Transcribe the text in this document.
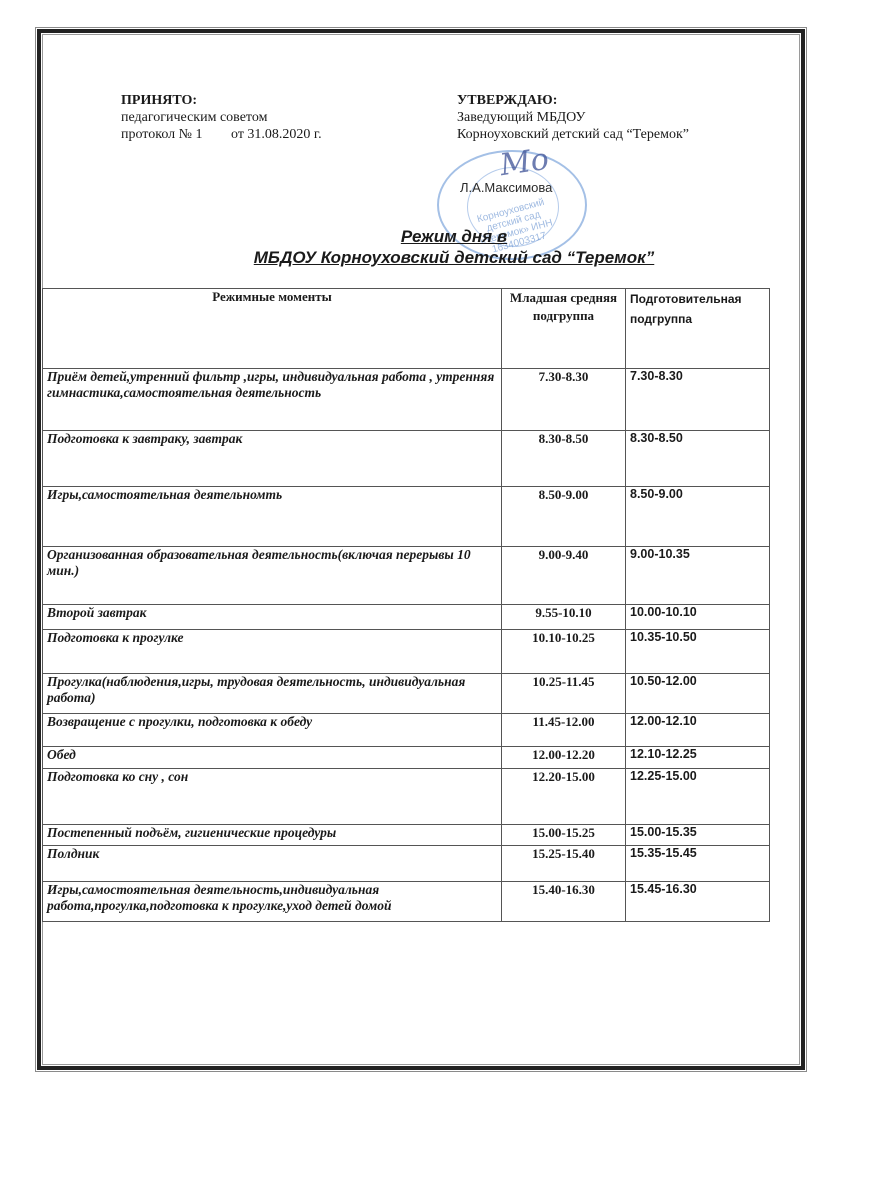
ПРИНЯТО:
педагогическим советом
протокол № 1	от 31.08.2020 г.
Корноуховский детский сад «Теремок» ИНН 1634003317
Мо
УТВЕРЖДАЮ:
Заведующий МБДОУ
Корноуховский детский сад “Теремок”
Л.А.Максимова
Режим дня в
МБДОУ Корноуховский детский сад “Теремок”
Режимные моменты	Младшая средняя подгруппа	Подготовительная подгруппа
Приём детей,утренний фильтр ,игры, индивидуальная работа , утренняя гимнастика,самостоятельная деятельность	7.30-8.30	7.30-8.30
Подготовка к завтраку, завтрак	8.30-8.50	8.30-8.50
Игры,самостоятельная деятельномть	8.50-9.00	8.50-9.00
Организованная образовательная деятельность(включая перерывы 10 мин.)	9.00-9.40	9.00-10.35
Второй завтрак	9.55-10.10	10.00-10.10
Подготовка к прогулке	10.10-10.25	10.35-10.50
Прогулка(наблюдения,игры, трудовая деятельность, индивидуальная работа)	10.25-11.45	10.50-12.00
Возвращение с прогулки, подготовка к обеду	11.45-12.00	12.00-12.10
Обед	12.00-12.20	12.10-12.25
Подготовка ко сну , сон	12.20-15.00	12.25-15.00
Постепенный подъём, гигиенические процедуры	15.00-15.25	15.00-15.35
Полдник	15.25-15.40	15.35-15.45
Игры,самостоятельная деятельность,индивидуальная работа,прогулка,подготовка к прогулке,уход детей домой	15.40-16.30	15.45-16.30
